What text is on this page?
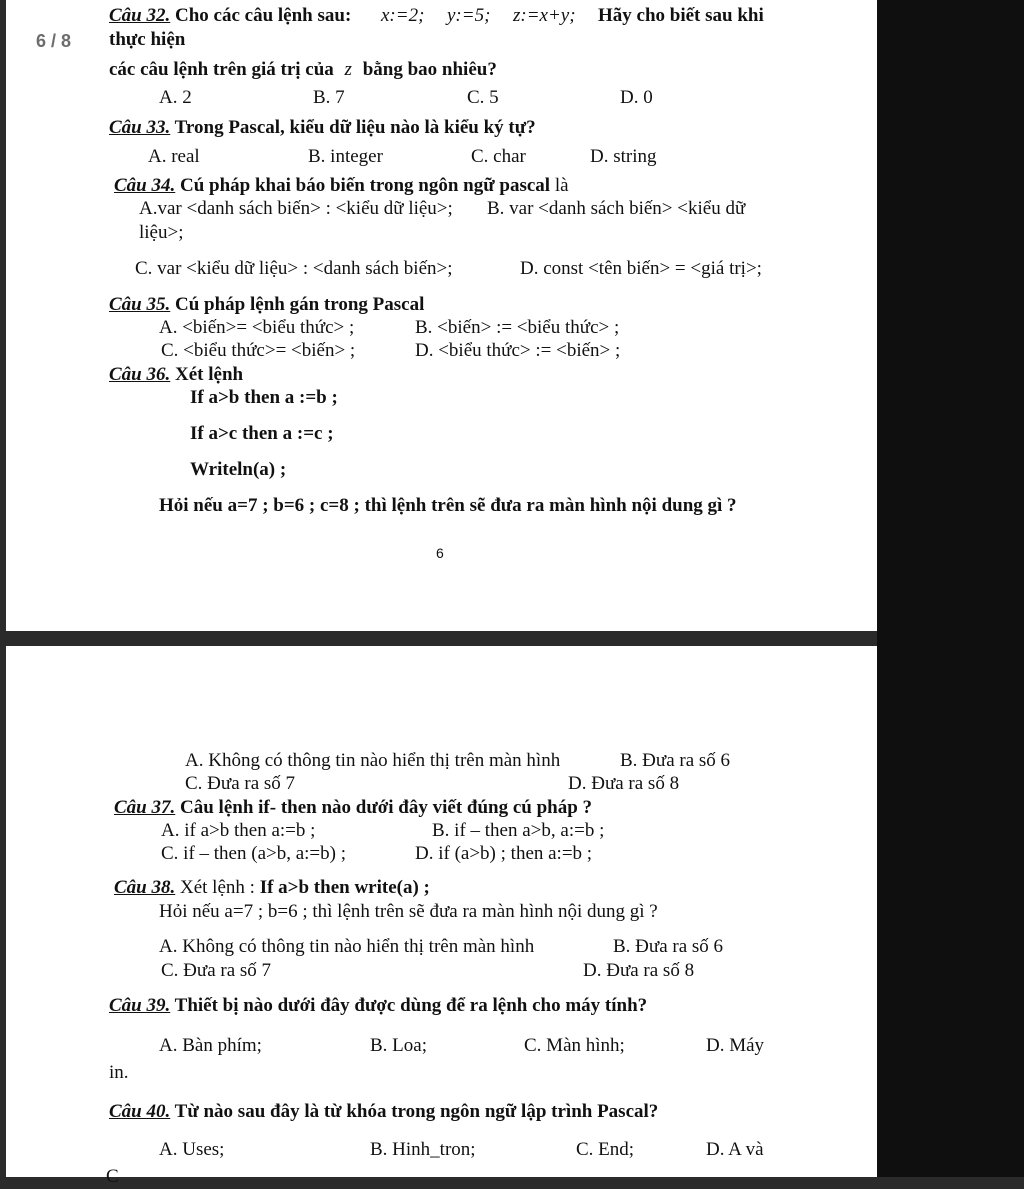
Câu 32. Cho các câu lệnh sau: x:=2; y:=5; z:=x+y; Hãy cho biết sau khi
thực hiện
các câu lệnh trên giá trị của z bằng bao nhiêu?
A. 2	B. 7	C. 5	D. 0
Câu 33. Trong Pascal, kiểu dữ liệu nào là kiểu ký tự?
A. real	B. integer	C. char	D. string
Câu 34. Cú pháp khai báo biến trong ngôn ngữ pascal là
A.var <danh sách biến> : <kiểu dữ liệu>; B. var <danh sách biến> <kiểu dữ
liệu>;
C. var <kiểu dữ liệu> : <danh sách biến>;	D. const <tên biến> = <giá trị>;
Câu 35. Cú pháp lệnh gán trong Pascal
A. <biến>= <biểu thức> ;	B. <biến> := <biểu thức> ;
C. <biểu thức>= <biến> ;	D. <biểu thức> := <biến> ;
Câu 36. Xét lệnh
If a>b then a :=b ;
If a>c then a :=c ;
Writeln(a) ;
Hỏi nếu a=7 ; b=6 ; c=8 ; thì lệnh trên sẽ đưa ra màn hình nội dung gì ?
6
A. Không có thông tin nào hiển thị trên màn hình	B. Đưa ra số 6
C. Đưa ra số 7	D. Đưa ra số 8
Câu 37. Câu lệnh if- then nào dưới đây viết đúng cú pháp ?
A. if a>b then a:=b ;	B. if – then a>b, a:=b ;
C. if – then (a>b, a:=b) ;	D. if (a>b) ; then a:=b ;
Câu 38. Xét lệnh : If a>b then write(a) ;
Hỏi nếu a=7 ; b=6 ; thì lệnh trên sẽ đưa ra màn hình nội dung gì ?
A. Không có thông tin nào hiển thị trên màn hình	B. Đưa ra số 6
C. Đưa ra số 7	D. Đưa ra số 8
Câu 39. Thiết bị nào dưới đây được dùng để ra lệnh cho máy tính?
A. Bàn phím;	B. Loa;	C. Màn hình;	D. Máy
in.
Câu 40. Từ nào sau đây là từ khóa trong ngôn ngữ lập trình Pascal?
A. Uses;	B. Hinh_tron;	C. End;	D. A và
C
6 / 8
